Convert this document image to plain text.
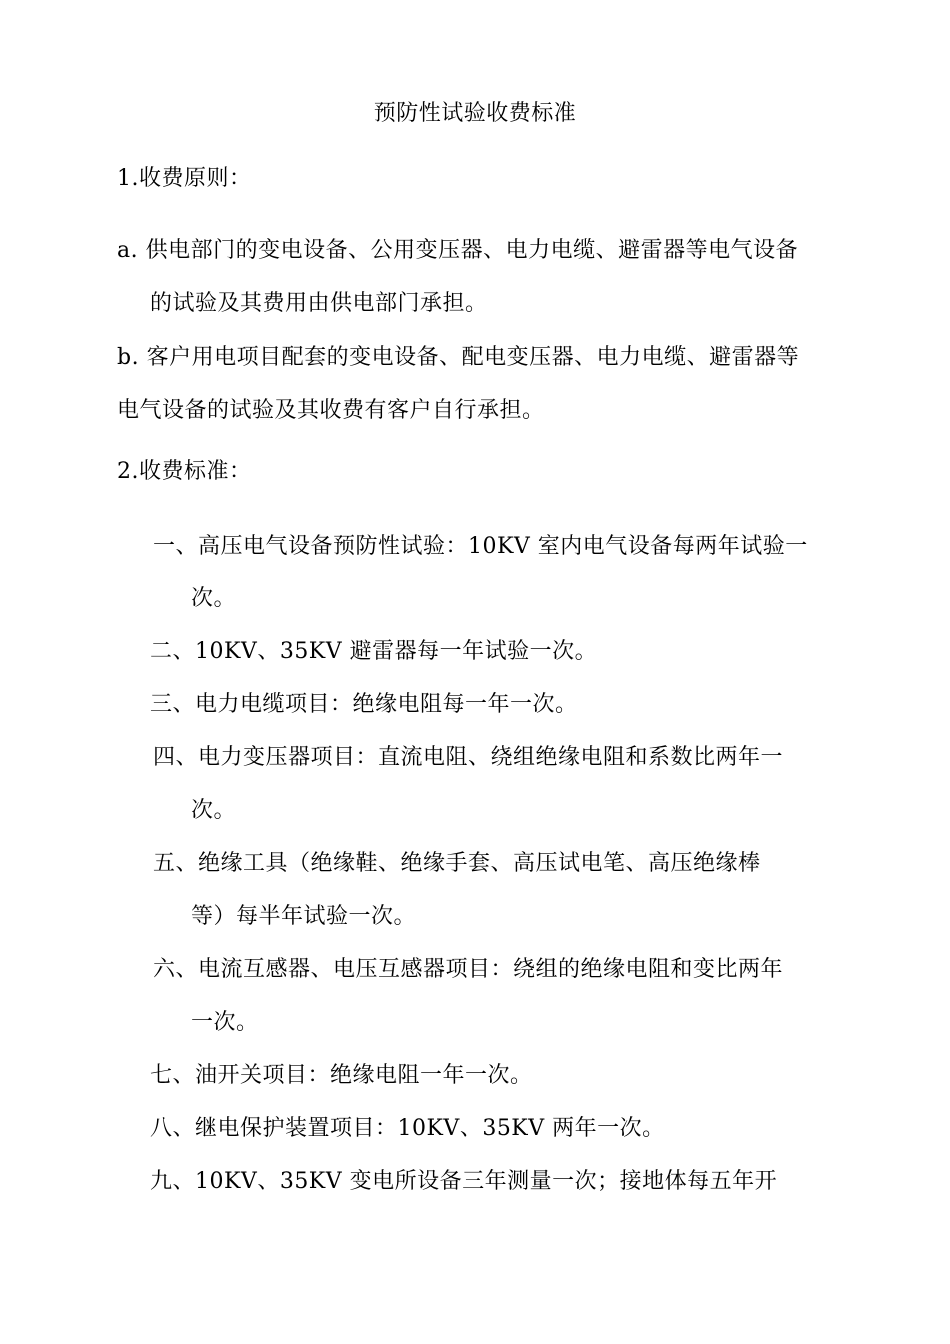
预防性试验收费标准
1.收费原则：
a. 供电部门的变电设备、公用变压器、电力电缆、避雷器等电气设备
的试验及其费用由供电部门承担。
b. 客户用电项目配套的变电设备、配电变压器、电力电缆、避雷器等
电气设备的试验及其收费有客户自行承担。
2.收费标准：
一、高压电气设备预防性试验：10KV 室内电气设备每两年试验一
次。
二、10KV、35KV 避雷器每一年试验一次。
三、电力电缆项目：绝缘电阻每一年一次。
四、电力变压器项目：直流电阻、绕组绝缘电阻和系数比两年一
次。
五、绝缘工具（绝缘鞋、绝缘手套、高压试电笔、高压绝缘棒
等）每半年试验一次。
六、电流互感器、电压互感器项目：绕组的绝缘电阻和变比两年
一次。
七、油开关项目：绝缘电阻一年一次。
八、继电保护装置项目：10KV、35KV 两年一次。
九、10KV、35KV 变电所设备三年测量一次；接地体每五年开
